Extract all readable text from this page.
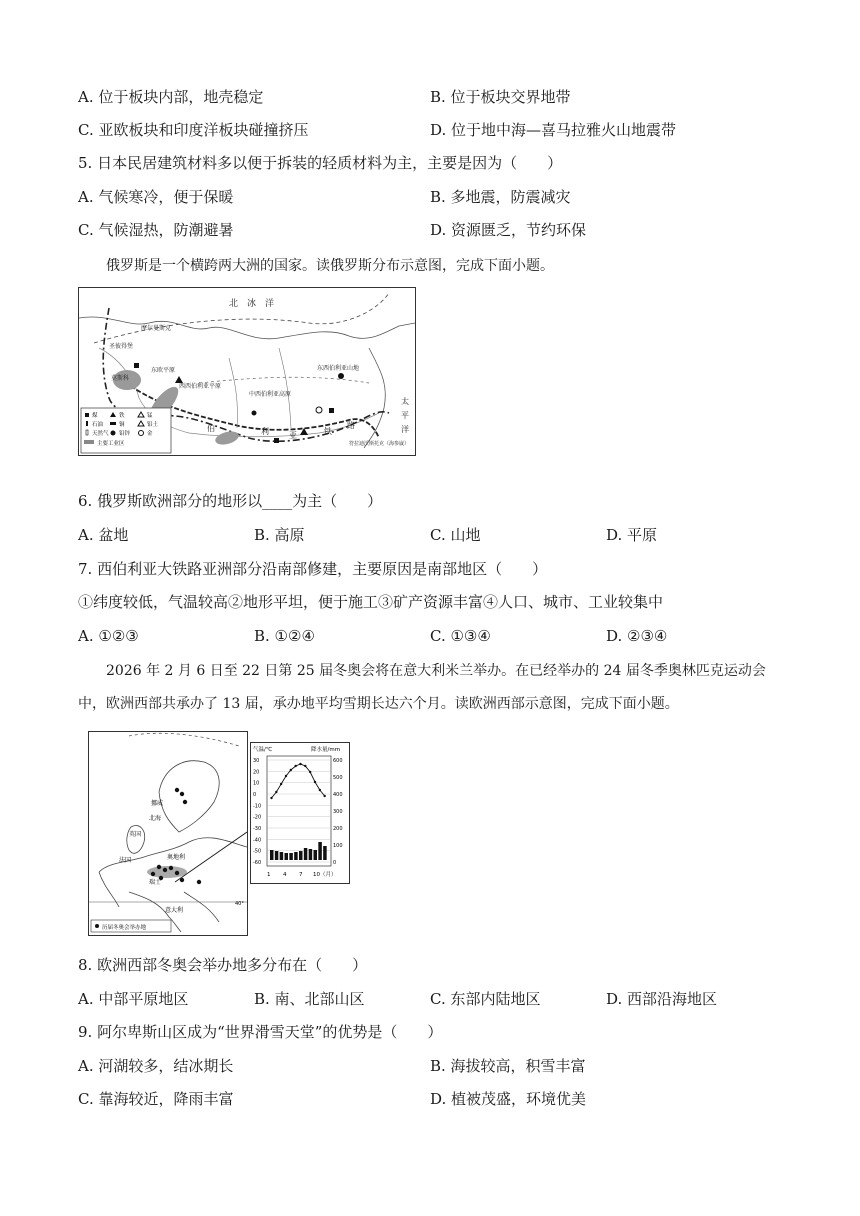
A. 位于板块内部，地壳稳定	B. 位于板块交界地带
C. 亚欧板块和印度洋板块碰撞挤压	D. 位于地中海—喜马拉雅火山地震带
5. 日本民居建筑材料多以便于拆装的轻质材料为主，主要是因为（　　）
A. 气候寒冷，便于保暖	B. 多地震，防震减灾
C. 气候湿热，防潮避暑	D. 资源匮乏，节约环保
俄罗斯是一个横跨两大洲的国家。读俄罗斯分布示意图，完成下面小题。
北　冰　洋
摩尔曼斯克
圣彼得堡
莫斯科
东欧平原
西西伯利亚平原
中西伯利亚高原
东西伯利亚山地
伯	利	亚	铁
路
太
平
洋
符拉迪沃斯托克（海参崴）
煤	铁	锰
石油	铜	铝土
天然气 铅锌	金
主要工业区
6. 俄罗斯欧洲部分的地形以____为主（　　）
A. 盆地	B. 高原	C. 山地	D. 平原
7. 西伯利亚大铁路亚洲部分沿南部修建，主要原因是南部地区（　　）
①纬度较低，气温较高②地形平坦，便于施工③矿产资源丰富④人口、城市、工业较集中
A. ①②③	B. ①②④	C. ①③④	D. ②③④
2026 年 2 月 6 日至 22 日第 25 届冬奥会将在意大利米兰举办。在已经举办的 24 届冬季奥林匹克运动会
中，欧洲西部共承办了 13 届，承办地平均雪期长达六个月。读欧洲西部示意图，完成下面小题。
挪威
北海
英国
法国	奥地利
瑞士
意大利
40°
历届冬奥会举办地
气温/℃	降水量/mm
30
20
10
0
-10
-20
-30
-40
-50
-60
600
500
400
300
200
100
0
1 4 7 10（月）
8. 欧洲西部冬奥会举办地多分布在（　　）
A. 中部平原地区	B. 南、北部山区	C. 东部内陆地区	D. 西部沿海地区
9. 阿尔卑斯山区成为“世界滑雪天堂”的优势是（　　）
A. 河湖较多，结冰期长	B. 海拔较高，积雪丰富
C. 靠海较近，降雨丰富	D. 植被茂盛，环境优美
